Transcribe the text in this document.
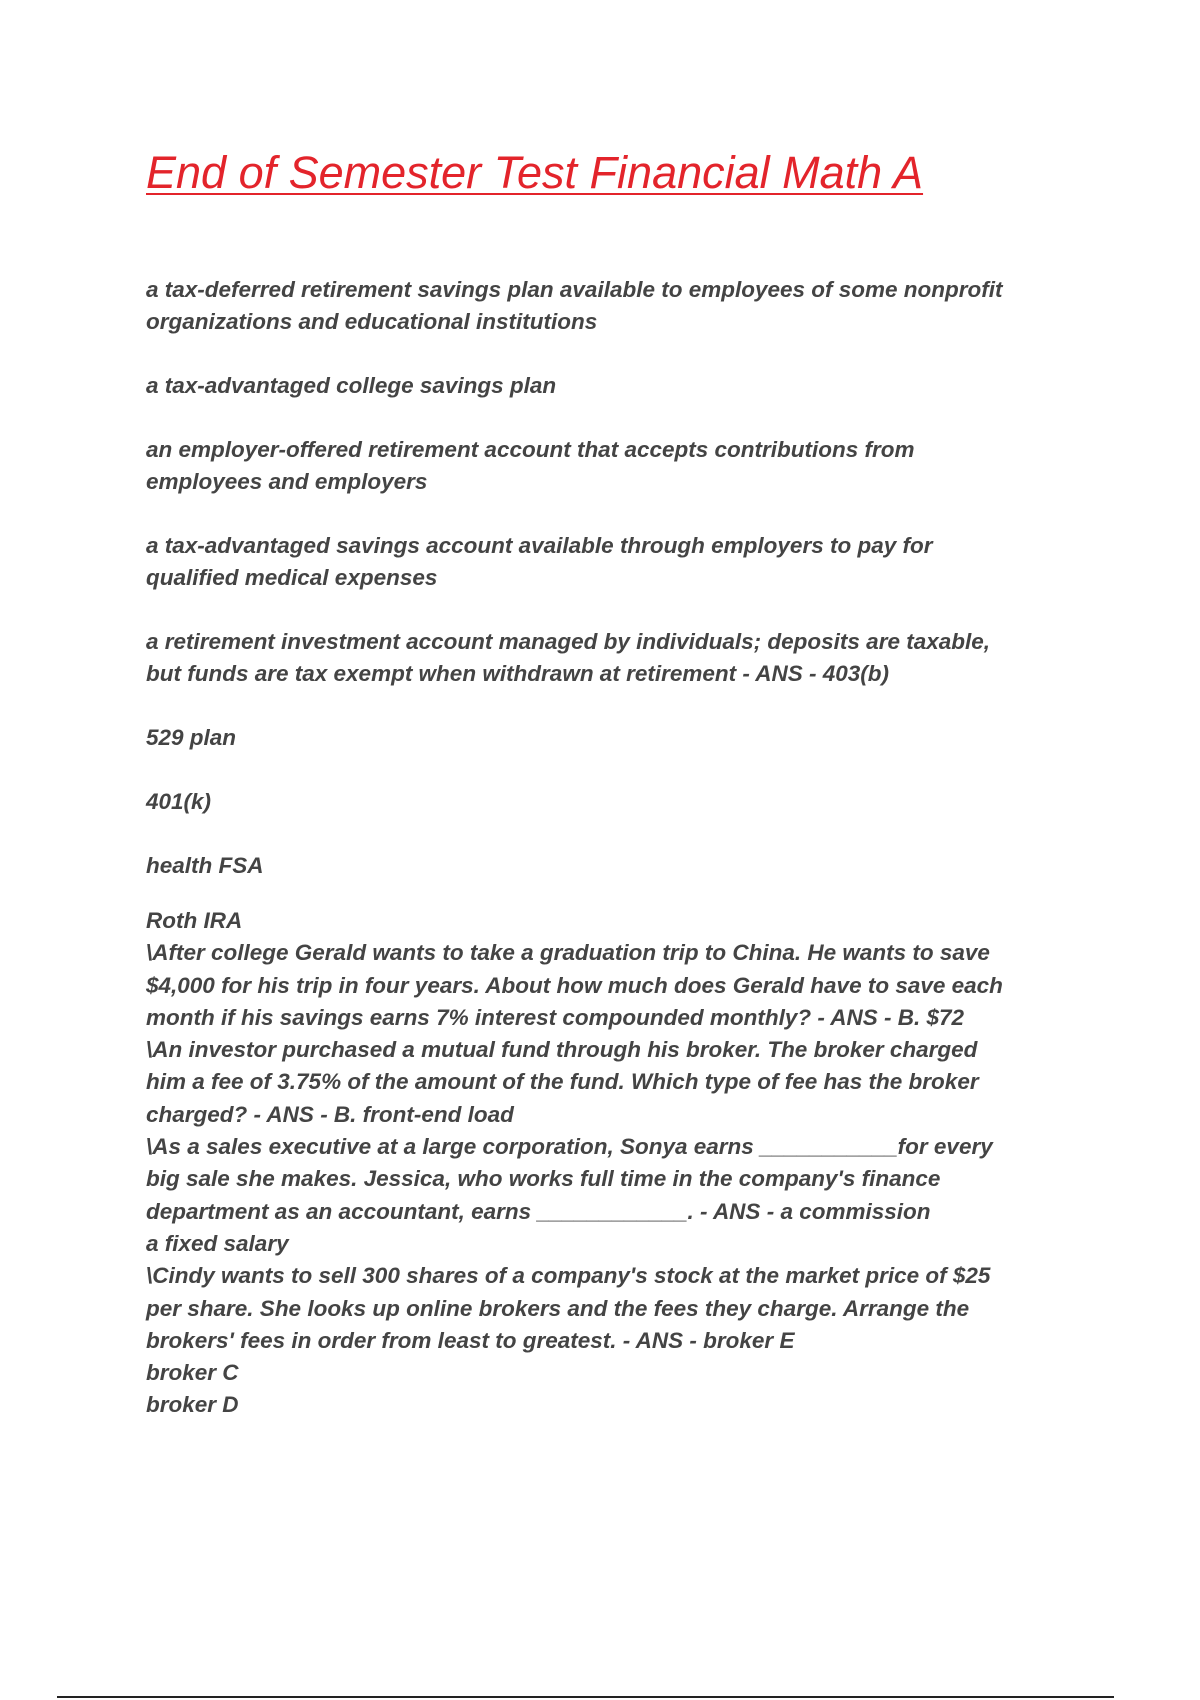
End of Semester Test Financial Math A

a tax-deferred retirement savings plan available to employees of some nonprofit
organizations and educational institutions

a tax-advantaged college savings plan

an employer-offered retirement account that accepts contributions from
employees and employers

a tax-advantaged savings account available through employers to pay for
qualified medical expenses

a retirement investment account managed by individuals; deposits are taxable,
but funds are tax exempt when withdrawn at retirement - ANS - 403(b)

529 plan

401(k)

health FSA

Roth IRA
\After college Gerald wants to take a graduation trip to China. He wants to save
$4,000 for his trip in four years. About how much does Gerald have to save each
month if his savings earns 7% interest compounded monthly? - ANS - B. $72
\An investor purchased a mutual fund through his broker. The broker charged
him a fee of 3.75% of the amount of the fund. Which type of fee has the broker
charged? - ANS - B. front-end load
\As a sales executive at a large corporation, Sonya earns ___________for every
big sale she makes. Jessica, who works full time in the company's finance
department as an accountant, earns ____________. - ANS - a commission
a fixed salary
\Cindy wants to sell 300 shares of a company's stock at the market price of $25
per share. She looks up online brokers and the fees they charge. Arrange the
brokers' fees in order from least to greatest. - ANS - broker E
broker C
broker D
